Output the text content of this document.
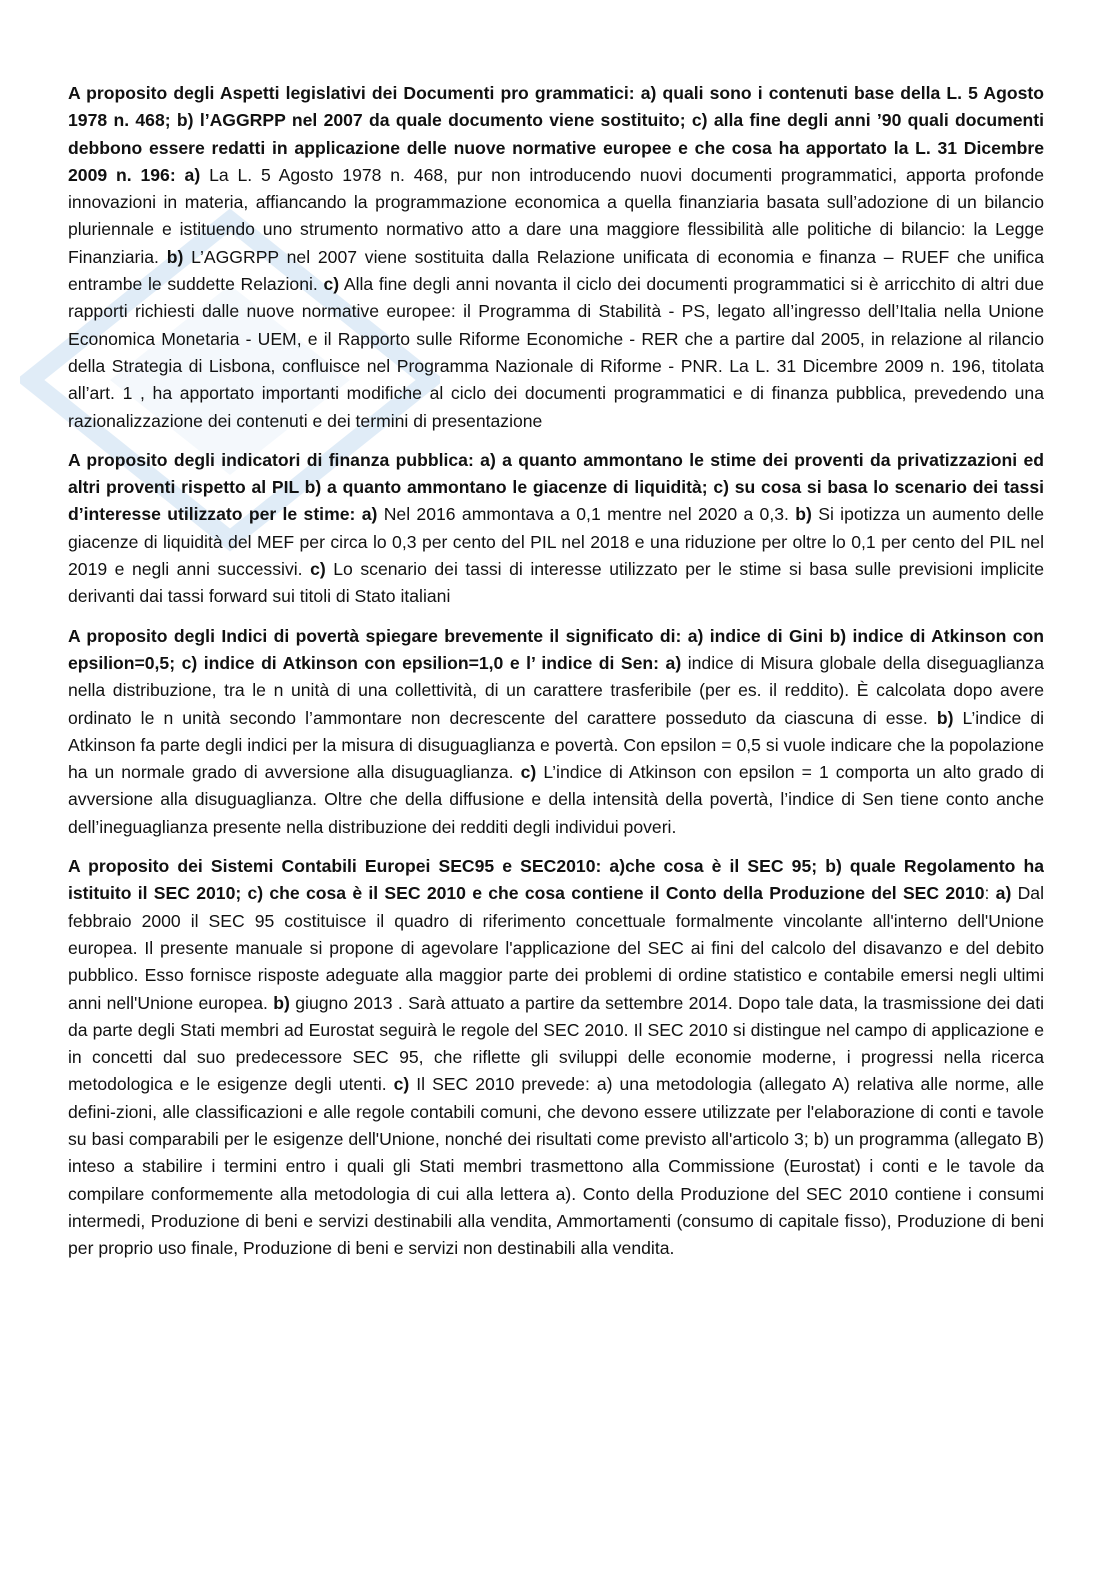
A proposito degli Aspetti legislativi dei Documenti pro grammatici: a) quali sono i contenuti base della L. 5 Agosto 1978 n. 468; b) l’AGGRPP nel 2007 da quale documento viene sostituito; c) alla fine degli anni ’90 quali documenti debbono essere redatti in applicazione delle nuove normative europee e che cosa ha apportato la L. 31 Dicembre 2009 n. 196: a) La L. 5 Agosto 1978 n. 468, pur non introducendo nuovi documenti programmatici, apporta profonde innovazioni in materia, affiancando la programmazione economica a quella finanziaria basata sull’adozione di un bilancio pluriennale e istituendo uno strumento normativo atto a dare una maggiore flessibilità alle politiche di bilancio: la Legge Finanziaria. b) L’AGGRPP nel 2007 viene sostituita dalla Relazione unificata di economia e finanza – RUEF che unifica entrambe le suddette Relazioni. c) Alla fine degli anni novanta il ciclo dei documenti programmatici si è arricchito di altri due rapporti richiesti dalle nuove normative europee: il Programma di Stabilità - PS, legato all’ingresso dell’Italia nella Unione Economica Monetaria - UEM, e il Rapporto sulle Riforme Economiche - RER che a partire dal 2005, in relazione al rilancio della Strategia di Lisbona, confluisce nel Programma Nazionale di Riforme - PNR. La L. 31 Dicembre 2009 n. 196, titolata all’art. 1 , ha apportato importanti modifiche al ciclo dei documenti programmatici e di finanza pubblica, prevedendo una razionalizzazione dei contenuti e dei termini di presentazione

A proposito degli indicatori di finanza pubblica: a) a quanto ammontano le stime dei proventi da privatizzazioni ed altri proventi rispetto al PIL b) a quanto ammontano le giacenze di liquidità; c) su cosa si basa lo scenario dei tassi d’interesse utilizzato per le stime: a) Nel 2016 ammontava a 0,1 mentre nel 2020 a 0,3. b) Si ipotizza un aumento delle giacenze di liquidità del MEF per circa lo 0,3 per cento del PIL nel 2018 e una riduzione per oltre lo 0,1 per cento del PIL nel 2019 e negli anni successivi. c) Lo scenario dei tassi di interesse utilizzato per le stime si basa sulle previsioni implicite derivanti dai tassi forward sui titoli di Stato italiani

A proposito degli Indici di povertà spiegare brevemente il significato di: a) indice di Gini b) indice di Atkinson con epsilion=0,5; c) indice di Atkinson con epsilion=1,0 e l’ indice di Sen: a) indice di Misura globale della diseguaglianza nella distribuzione, tra le n unità di una collettività, di un carattere trasferibile (per es. il reddito). È calcolata dopo avere ordinato le n unità secondo l’ammontare non decrescente del carattere posseduto da ciascuna di esse. b) L’indice di Atkinson fa parte degli indici per la misura di disuguaglianza e povertà. Con epsilon = 0,5 si vuole indicare che la popolazione ha un normale grado di avversione alla disuguaglianza. c) L’indice di Atkinson con epsilon = 1 comporta un alto grado di avversione alla disuguaglianza. Oltre che della diffusione e della intensità della povertà, l’indice di Sen tiene conto anche dell’ineguaglianza presente nella distribuzione dei redditi degli individui poveri.

A proposito dei Sistemi Contabili Europei SEC95 e SEC2010: a)che cosa è il SEC 95; b) quale Regolamento ha istituito il SEC 2010; c) che cosa è il SEC 2010 e che cosa contiene il Conto della Produzione del SEC 2010: a) Dal febbraio 2000 il SEC 95 costituisce il quadro di riferimento concettuale formalmente vincolante all'interno dell'Unione europea. Il presente manuale si propone di agevolare l'applicazione del SEC ai fini del calcolo del disavanzo e del debito pubblico. Esso fornisce risposte adeguate alla maggior parte dei problemi di ordine statistico e contabile emersi negli ultimi anni nell'Unione europea. b) giugno 2013 . Sarà attuato a partire da settembre 2014. Dopo tale data, la trasmissione dei dati da parte degli Stati membri ad Eurostat seguirà le regole del SEC 2010. Il SEC 2010 si distingue nel campo di applicazione e in concetti dal suo predecessore SEC 95, che riflette gli sviluppi delle economie moderne, i progressi nella ricerca metodologica e le esigenze degli utenti. c) Il SEC 2010 prevede: a) una metodologia (allegato A) relativa alle norme, alle defini-zioni, alle classificazioni e alle regole contabili comuni, che devono essere utilizzate per l'elaborazione di conti e tavole su basi comparabili per le esigenze dell'Unione, nonché dei risultati come previsto all'articolo 3; b) un programma (allegato B) inteso a stabilire i termini entro i quali gli Stati membri trasmettono alla Commissione (Eurostat) i conti e le tavole da compilare conformemente alla metodologia di cui alla lettera a). Conto della Produzione del SEC 2010 contiene i consumi intermedi, Produzione di beni e servizi destinabili alla vendita, Ammortamenti (consumo di capitale fisso), Produzione di beni per proprio uso finale, Produzione di beni e servizi non destinabili alla vendita.
